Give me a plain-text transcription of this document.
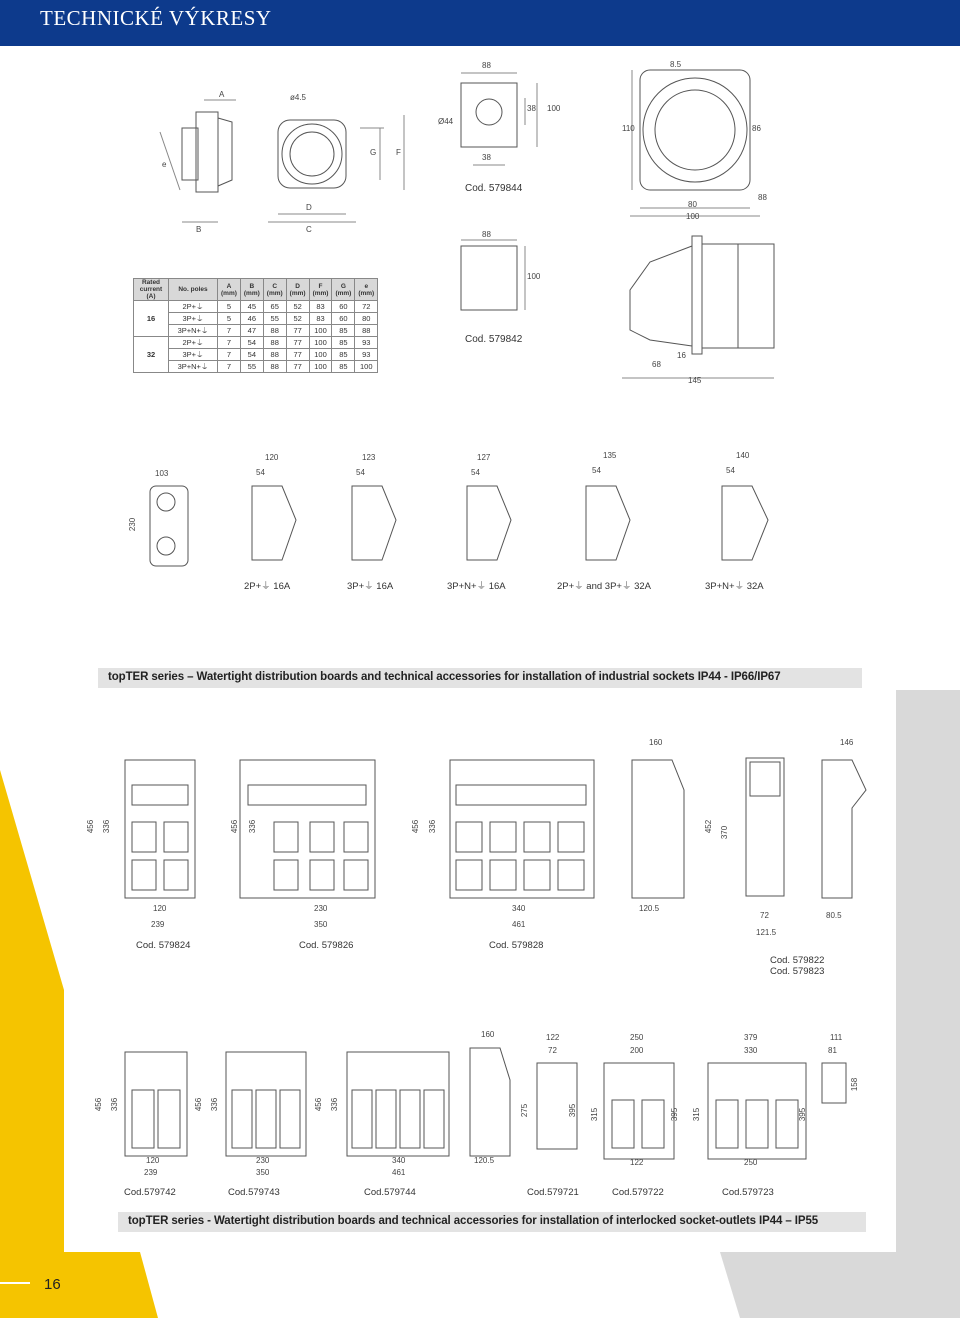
TECHNICKÉ VÝKRESY
A
e
B
ø4.5
D
C
G F
88
Ø44
38 100
38
Cod. 579844
88
100
Cod. 579842
8.5
110	86
80
100
88
16
68
145
Rated current (A)	No. poles	A (mm)	B (mm)	C (mm)	D (mm)	F (mm)	G (mm)	e (mm)
16	2P+⏚	5	45	65	52	83	60	72
	3P+⏚	5	46	55	52	83	60	80
	3P+N+⏚	7	47	88	77	100	85	88
32	2P+⏚	7	54	88	77	100	85	93
	3P+⏚	7	54	88	77	100	85	93
	3P+N+⏚	7	55	88	77	100	85	100
103
230
120
54
2P+⏚ 16A
123
54
3P+⏚ 16A
127
54
3P+N+⏚ 16A
135
54
2P+⏚ and 3P+⏚ 32A
140
54
3P+N+⏚ 32A
topTER series – Watertight distribution boards and technical accessories for installation of industrial sockets IP44 - IP66/IP67
456 336
120
239
Cod. 579824
456 336
230
350
Cod. 579826
456 336
340
461
Cod. 579828
160
120.5
452 370
72
121.5
146
80.5
Cod. 579822
Cod. 579823
456 336
120
239
Cod.579742
456 336
230
350
Cod.579743
456 336
340
461
Cod.579744
160
120.5
122
72
275	395
Cod.579721
250
200
315	395
122
Cod.579722
379
330
315	395
250
Cod.579723
111
81
158
topTER series - Watertight distribution boards and technical accessories for installation of interlocked socket-outlets IP44 – IP55
16
